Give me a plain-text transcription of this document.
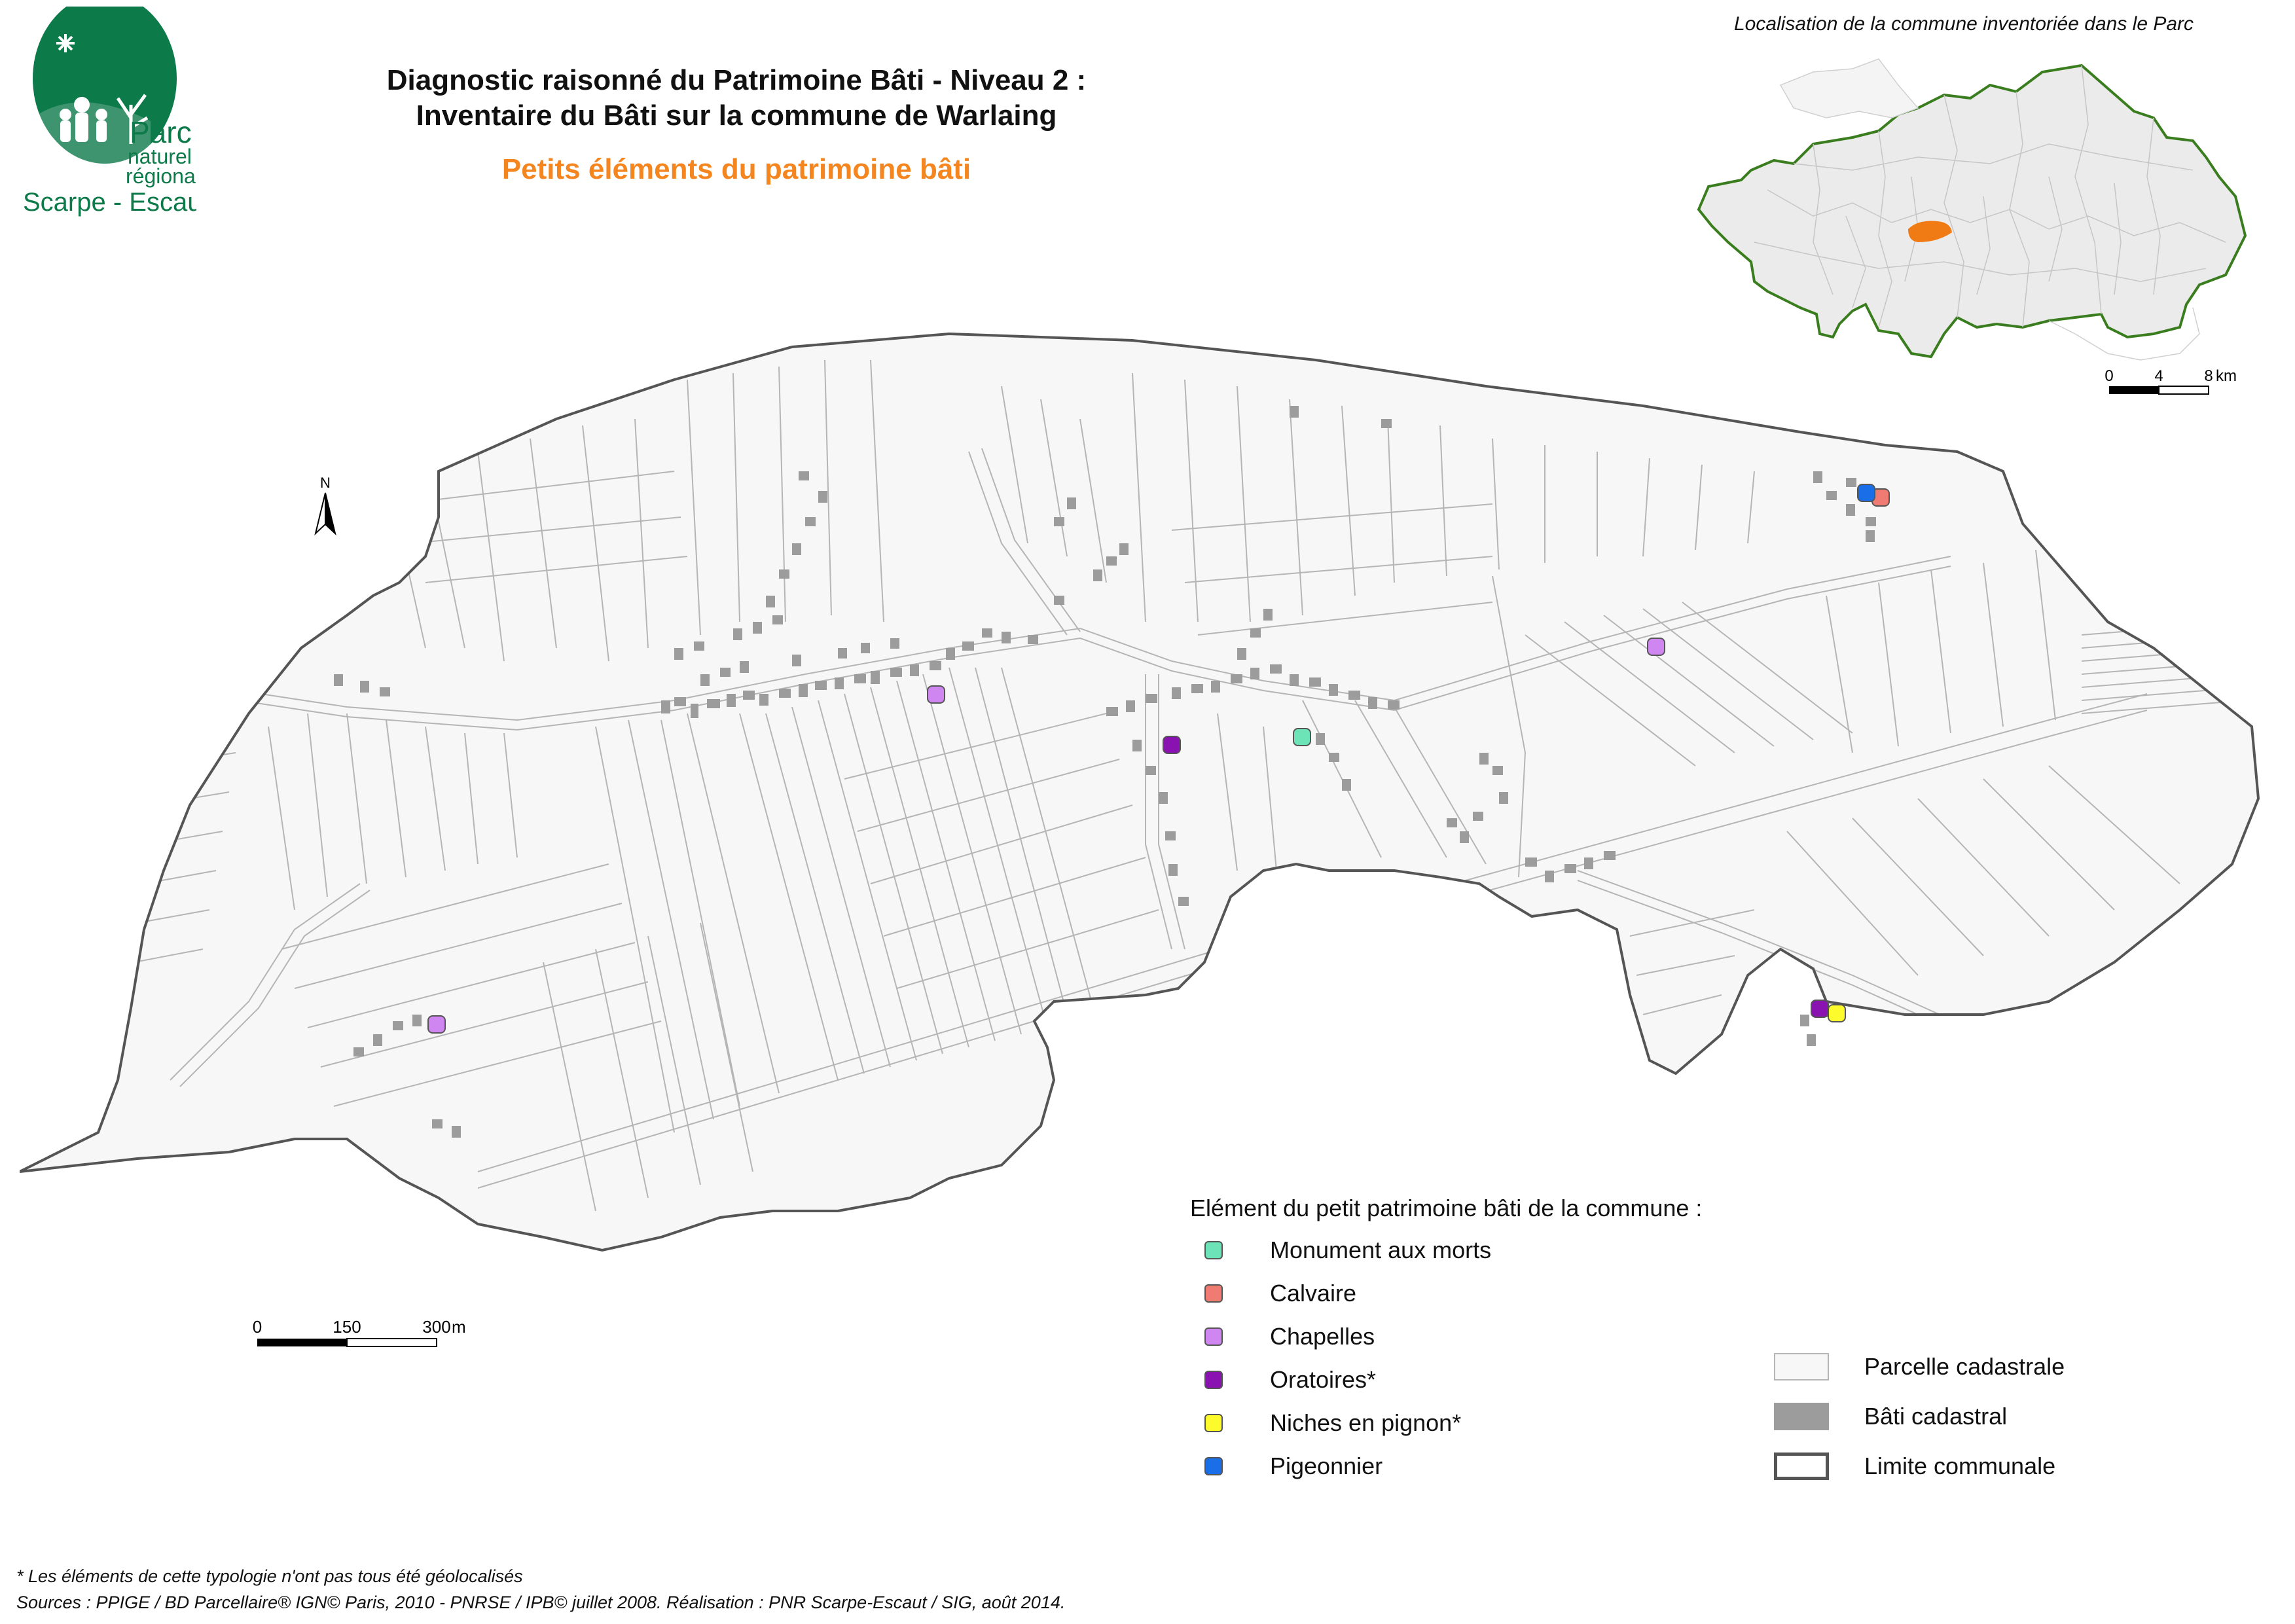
Parc
naturel
régional
Scarpe - Escaut
Diagnostic raisonné du Patrimoine Bâti - Niveau 2 :
Inventaire du Bâti sur la commune de Warlaing
Petits éléments du patrimoine bâti
Localisation de la commune inventoriée dans le Parc
0	4	8 km
N
0	150	300 m
Elément du petit patrimoine bâti de la commune :
Monument aux morts
Calvaire
Chapelles
Oratoires*
Niches en pignon*
Pigeonnier
Parcelle cadastrale
Bâti cadastral
Limite communale
* Les éléments de cette typologie n'ont pas tous été géolocalisés
Sources : PPIGE / BD Parcellaire® IGN© Paris, 2010 - PNRSE / IPB© juillet 2008. Réalisation : PNR Scarpe-Escaut / SIG, août 2014.
